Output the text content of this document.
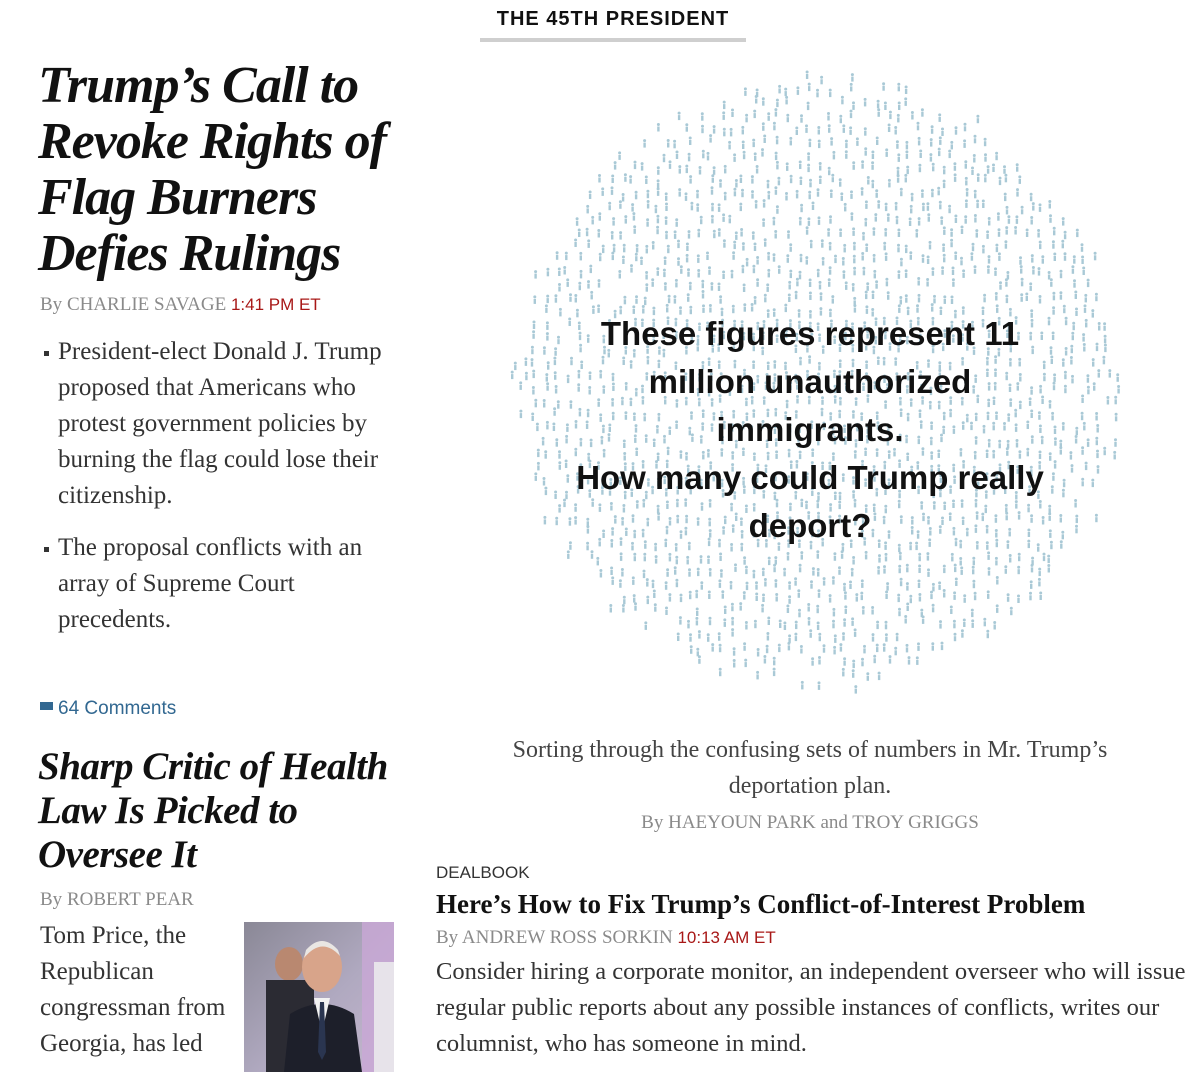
THE 45TH PRESIDENT
Trump’s Call to Revoke Rights of Flag Burners Defies Rulings
By CHARLIE SAVAGE 1:41 PM ET
President-elect Donald J. Trump proposed that Americans who protest government policies by burning the flag could lose their citizenship.
The proposal conflicts with an array of Supreme Court precedents.
64 Comments
Sharp Critic of Health Law Is Picked to Oversee It
By ROBERT PEAR

Tom Price, the Republican congressman from Georgia, has led

These figures represent 11 million unauthorized immigrants.
How many could Trump really deport?

Sorting through the confusing sets of numbers in Mr. Trump’s deportation plan.

By HAEYOUN PARK and TROY GRIGGS
DEALBOOK
Here’s How to Fix Trump’s Conflict-of-Interest Problem
By ANDREW ROSS SORKIN 10:13 AM ET

Consider hiring a corporate monitor, an independent overseer who will issue regular public reports about any possible instances of conflicts, writes our columnist, who has someone in mind.
